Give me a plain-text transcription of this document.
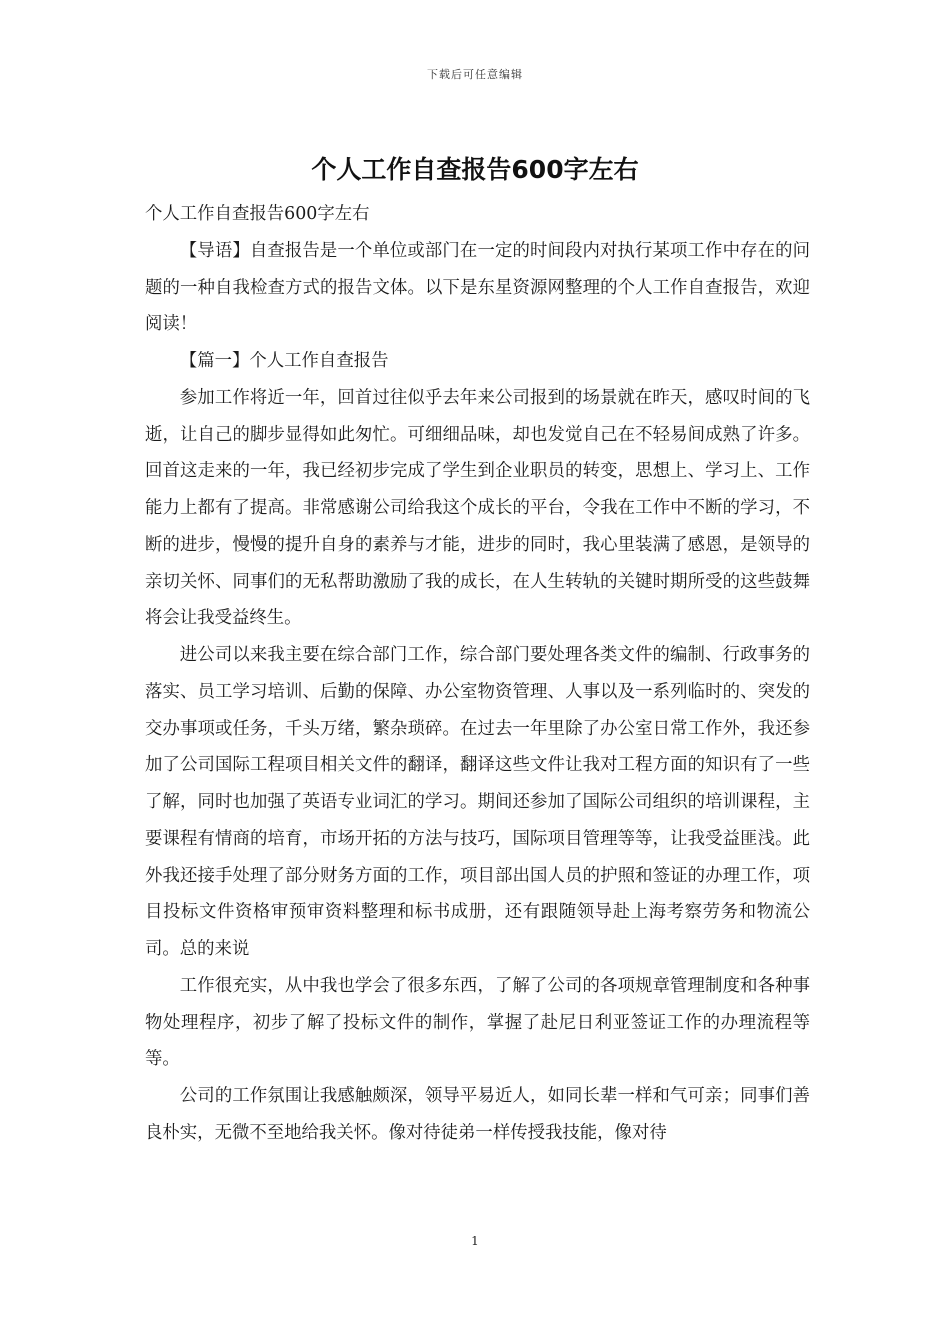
下载后可任意编辑
个人工作自查报告600字左右

个人工作自查报告600字左右

【导语】自查报告是一个单位或部门在一定的时间段内对执行某项工作中存在的问题的一种自我检查方式的报告文体。以下是东星资源网整理的个人工作自查报告，欢迎阅读！

【篇一】个人工作自查报告

参加工作将近一年，回首过往似乎去年来公司报到的场景就在昨天，感叹时间的飞逝，让自己的脚步显得如此匆忙。可细细品味，却也发觉自己在不轻易间成熟了许多。回首这走来的一年，我已经初步完成了学生到企业职员的转变，思想上、学习上、工作能力上都有了提高。非常感谢公司给我这个成长的平台，令我在工作中不断的学习，不断的进步，慢慢的提升自身的素养与才能，进步的同时，我心里装满了感恩，是领导的亲切关怀、同事们的无私帮助激励了我的成长，在人生转轨的关键时期所受的这些鼓舞将会让我受益终生。

进公司以来我主要在综合部门工作，综合部门要处理各类文件的编制、行政事务的落实、员工学习培训、后勤的保障、办公室物资管理、人事以及一系列临时的、突发的交办事项或任务，千头万绪，繁杂琐碎。在过去一年里除了办公室日常工作外，我还参加了公司国际工程项目相关文件的翻译，翻译这些文件让我对工程方面的知识有了一些了解，同时也加强了英语专业词汇的学习。期间还参加了国际公司组织的培训课程，主要课程有情商的培育，市场开拓的方法与技巧，国际项目管理等等，让我受益匪浅。此外我还接手处理了部分财务方面的工作，项目部出国人员的护照和签证的办理工作，项目投标文件资格审预审资料整理和标书成册，还有跟随领导赴上海考察劳务和物流公司。总的来说

工作很充实，从中我也学会了很多东西，了解了公司的各项规章管理制度和各种事物处理程序，初步了解了投标文件的制作，掌握了赴尼日利亚签证工作的办理流程等等。

公司的工作氛围让我感触颇深，领导平易近人，如同长辈一样和气可亲；同事们善良朴实，无微不至地给我关怀。像对待徒弟一样传授我技能，像对待

1
